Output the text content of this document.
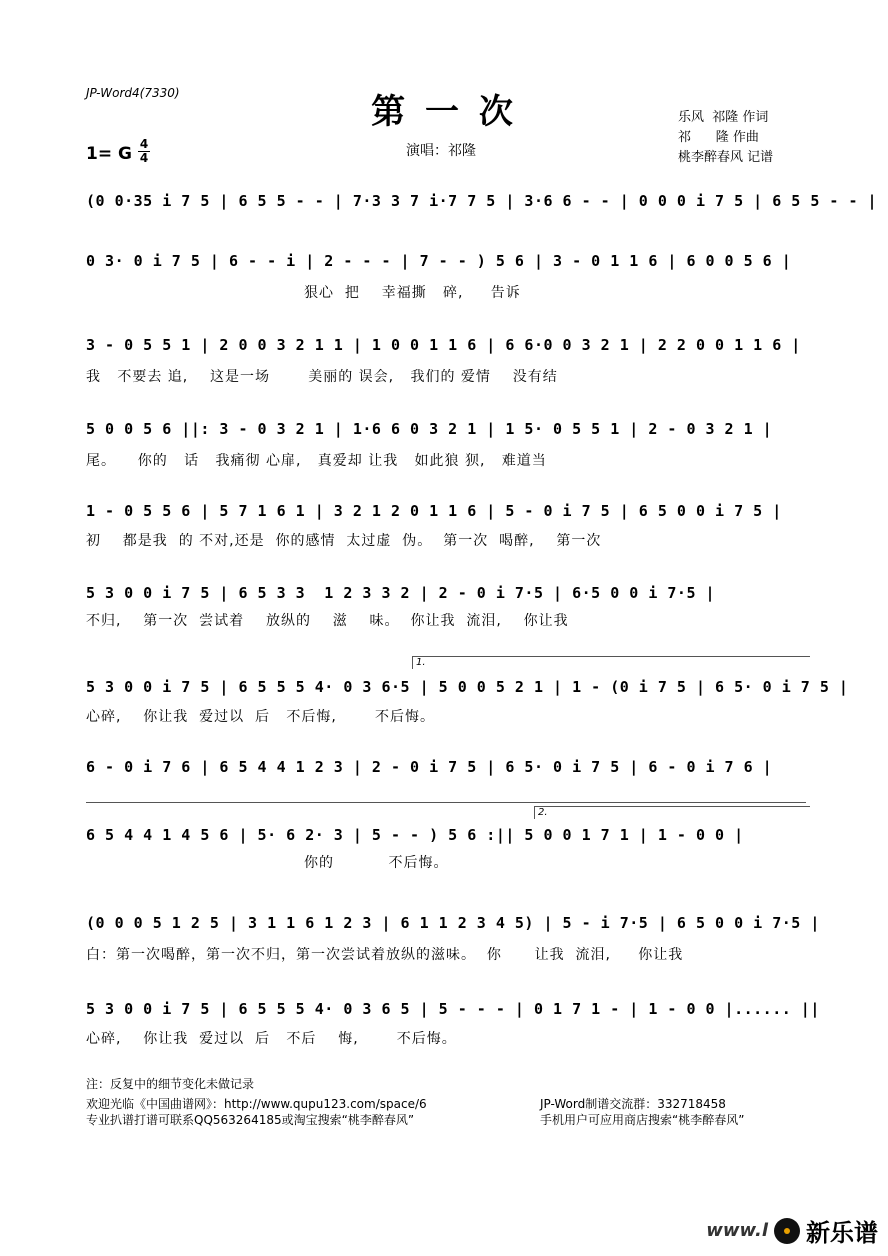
JP-Word4(7330)	第 一 次
1= G 4
4	演唱：祁隆
乐风  祁隆 作词
祁      隆 作曲
桃李醉春风 记谱
(0 0·35 i 7 5 | 6 5 5 - - | 7·3 3 7 i·7 7 5 | 3·6 6 - - | 0 0 0 i 7 5 | 6 5 5 - - |
0 3· 0 i 7 5 | 6 - - i | 2 - - - | 7 - - ) 5 6 | 3 - 0 1 1 6 | 6 0 0 5 6 |
狠心  把    幸福撕   碎,     告诉
3 - 0 5 5 1 | 2 0 0 3 2 1 1 | 1 0 0 1 1 6 | 6 6·0 0 3 2 1 | 2 2 0 0 1 1 6 |
我   不要去 追,    这是一场       美丽的 误会,   我们的 爱情    没有结
5 0 0 5 6 ||: 3 - 0 3 2 1 | 1·6 6 0 3 2 1 | 1 5· 0 5 5 1 | 2 - 0 3 2 1 |
尾。    你的   话   我痛彻 心扉,   真爱却 让我   如此狼 狈,   难道当
1 - 0 5 5 6 | 5 7 1 6 1 | 3 2 1 2 0 1 1 6 | 5 - 0 i 7 5 | 6 5 0 0 i 7 5 |
初    都是我  的 不对,还是  你的感情  太过虚  伪。  第一次  喝醉,    第一次
5 3 0 0 i 7 5 | 6 5 3 3  1 2 3 3 2 | 2 - 0 i 7·5 | 6·5 0 0 i 7·5 |
不归,    第一次  尝试着    放纵的    滋    味。  你让我  流泪,    你让我
1.
5 3 0 0 i 7 5 | 6 5 5 5 4· 0 3 6·5 | 5 0 0 5 2 1 | 1 - (0 i 7 5 | 6 5· 0 i 7 5 |
心碎,    你让我  爱过以  后   不后悔,       不后悔。
6 - 0 i 7 6 | 6 5 4 4 1 2 3 | 2 - 0 i 7 5 | 6 5· 0 i 7 5 | 6 - 0 i 7 6 |
2.
6 5 4 4 1 4 5 6 | 5· 6 2· 3 | 5 - - ) 5 6 :|| 5 0 0 1 7 1 | 1 - 0 0 |
你的          不后悔。
(0 0 0 5 1 2 5 | 3 1 1 6 1 2 3 | 6 1 1 2 3 4 5) | 5 - i 7·5 | 6 5 0 0 i 7·5 |
白：第一次喝醉，第一次不归，第一次尝试着放纵的滋味。  你      让我  流泪,     你让我
5 3 0 0 i 7 5 | 6 5 5 5 4· 0 3 6 5 | 5 - - - | 0 1 7 1 - | 1 - 0 0 |...... ||
心碎,    你让我  爱过以  后   不后    悔,       不后悔。
注：反复中的细节变化未做记录
欢迎光临《中国曲谱网》：http://www.qupu123.com/space/6
专业扒谱打谱可联系QQ563264185或淘宝搜索“桃李醉春风”
JP-Word制谱交流群：332718458
手机用户可应用商店搜索“桃李醉春风”
www.l 新乐谱
